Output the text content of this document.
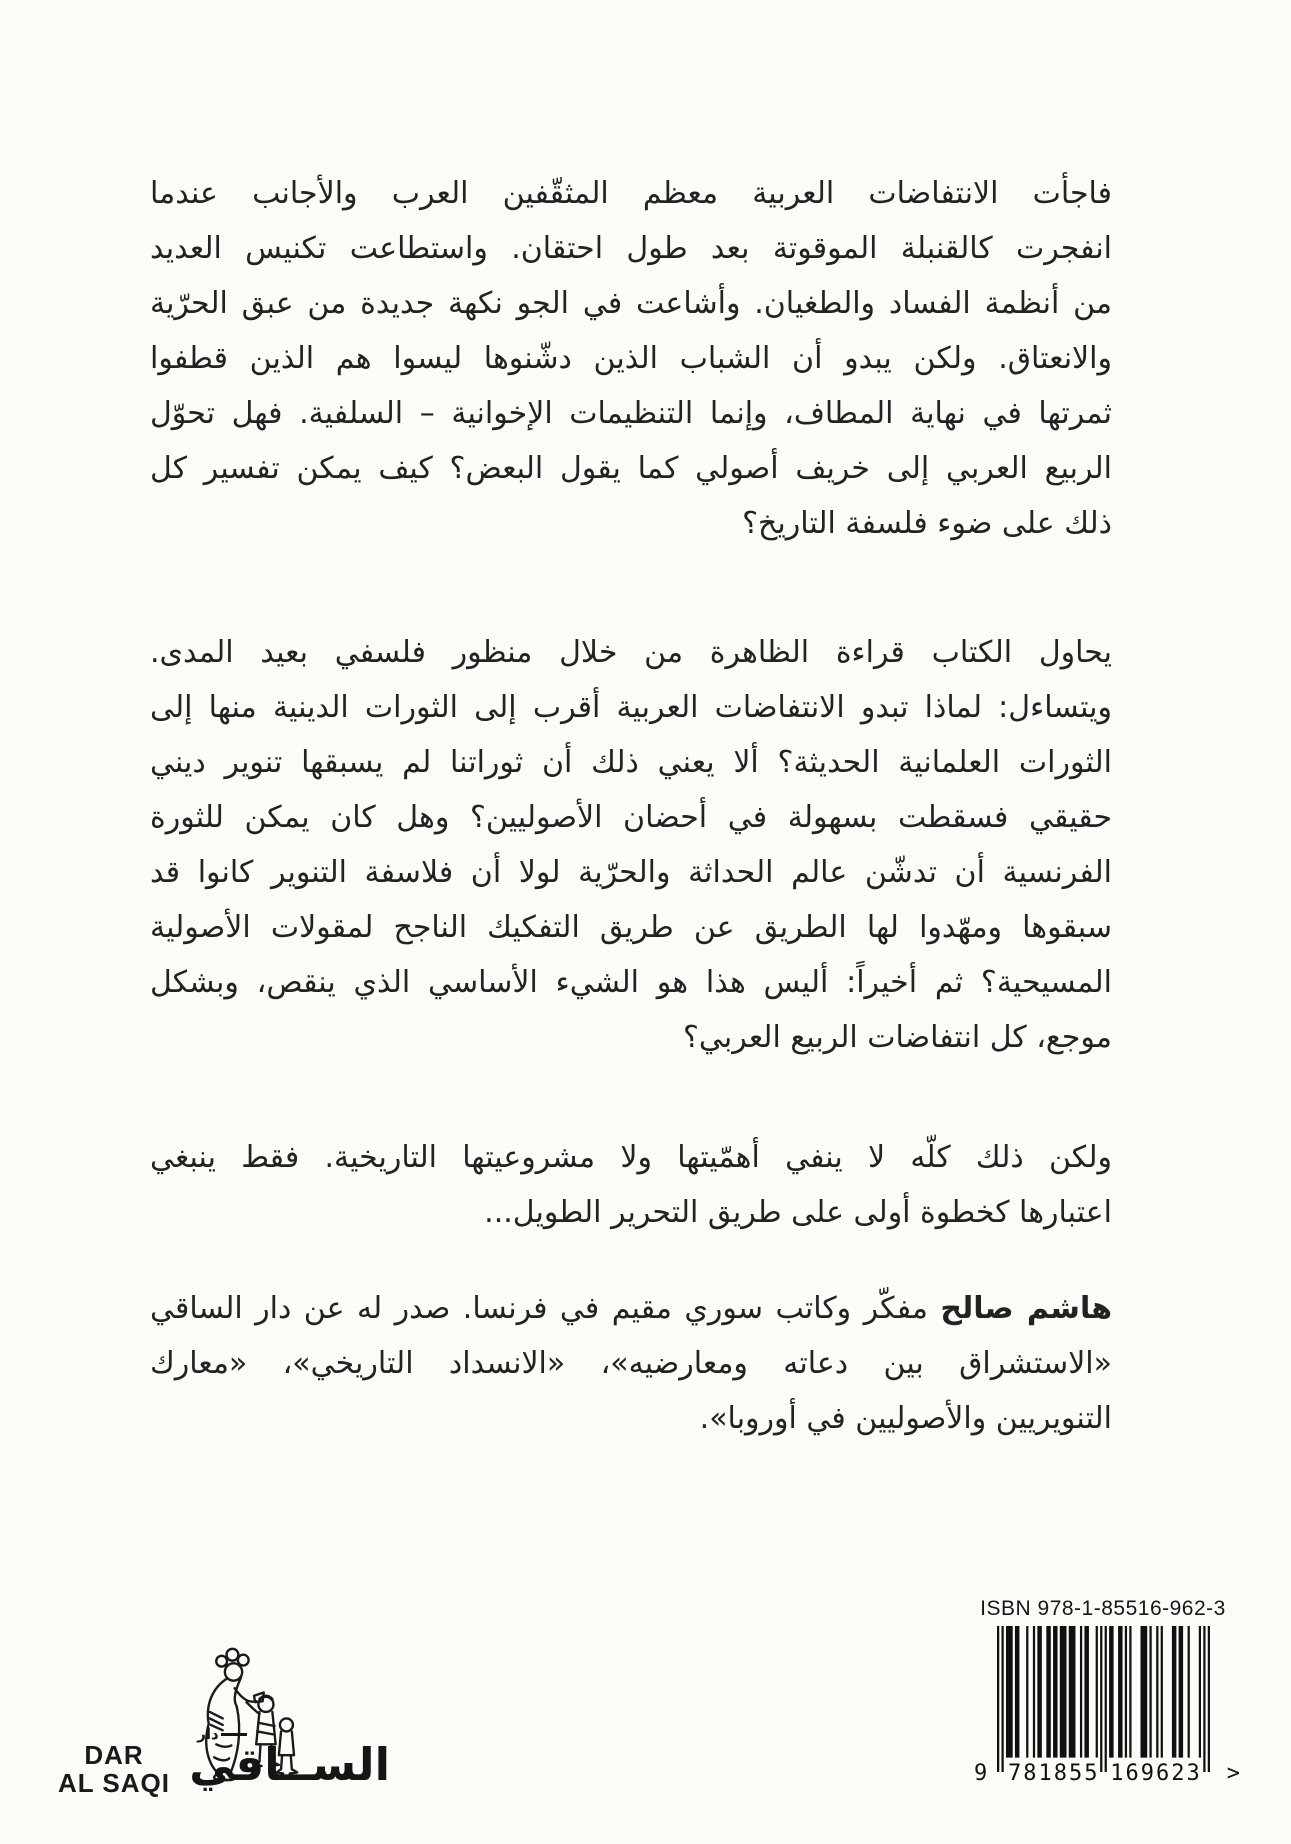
فاجأت الانتفاضات العربية معظم المثقّفين العرب والأجانب عندما
انفجرت كالقنبلة الموقوتة بعد طول احتقان. واستطاعت تكنيس العديد
من أنظمة الفساد والطغيان. وأشاعت في الجو نكهة جديدة من عبق الحرّية
والانعتاق. ولكن يبدو أن الشباب الذين دشّنوها ليسوا هم الذين قطفوا
ثمرتها في نهاية المطاف، وإنما التنظيمات الإخوانية – السلفية. فهل تحوّل
الربيع العربي إلى خريف أصولي كما يقول البعض؟ كيف يمكن تفسير كل
ذلك على ضوء فلسفة التاريخ؟
يحاول الكتاب قراءة الظاهرة من خلال منظور فلسفي بعيد المدى.
ويتساءل: لماذا تبدو الانتفاضات العربية أقرب إلى الثورات الدينية منها إلى
الثورات العلمانية الحديثة؟ ألا يعني ذلك أن ثوراتنا لم يسبقها تنوير ديني
حقيقي فسقطت بسهولة في أحضان الأصوليين؟ وهل كان يمكن للثورة
الفرنسية أن تدشّن عالم الحداثة والحرّية لولا أن فلاسفة التنوير كانوا قد
سبقوها ومهّدوا لها الطريق عن طريق التفكيك الناجح لمقولات الأصولية
المسيحية؟ ثم أخيراً: أليس هذا هو الشيء الأساسي الذي ينقص، وبشكل
موجع، كل انتفاضات الربيع العربي؟
ولكن ذلك كلّه لا ينفي أهمّيتها ولا مشروعيتها التاريخية. فقط ينبغي
اعتبارها كخطوة أولى على طريق التحرير الطويل...
هاشم صالح مفكّر وكاتب سوري مقيم في فرنسا. صدر له عن دار الساقي
«الاستشراق بين دعاته ومعارضيه»، «الانسداد التاريخي»، «معارك
التنويريين والأصوليين في أوروبا».
ISBN 978-1-85516-962-3
9 781855 169623 >
DAR
AL SAQI
دار
الســاقي
